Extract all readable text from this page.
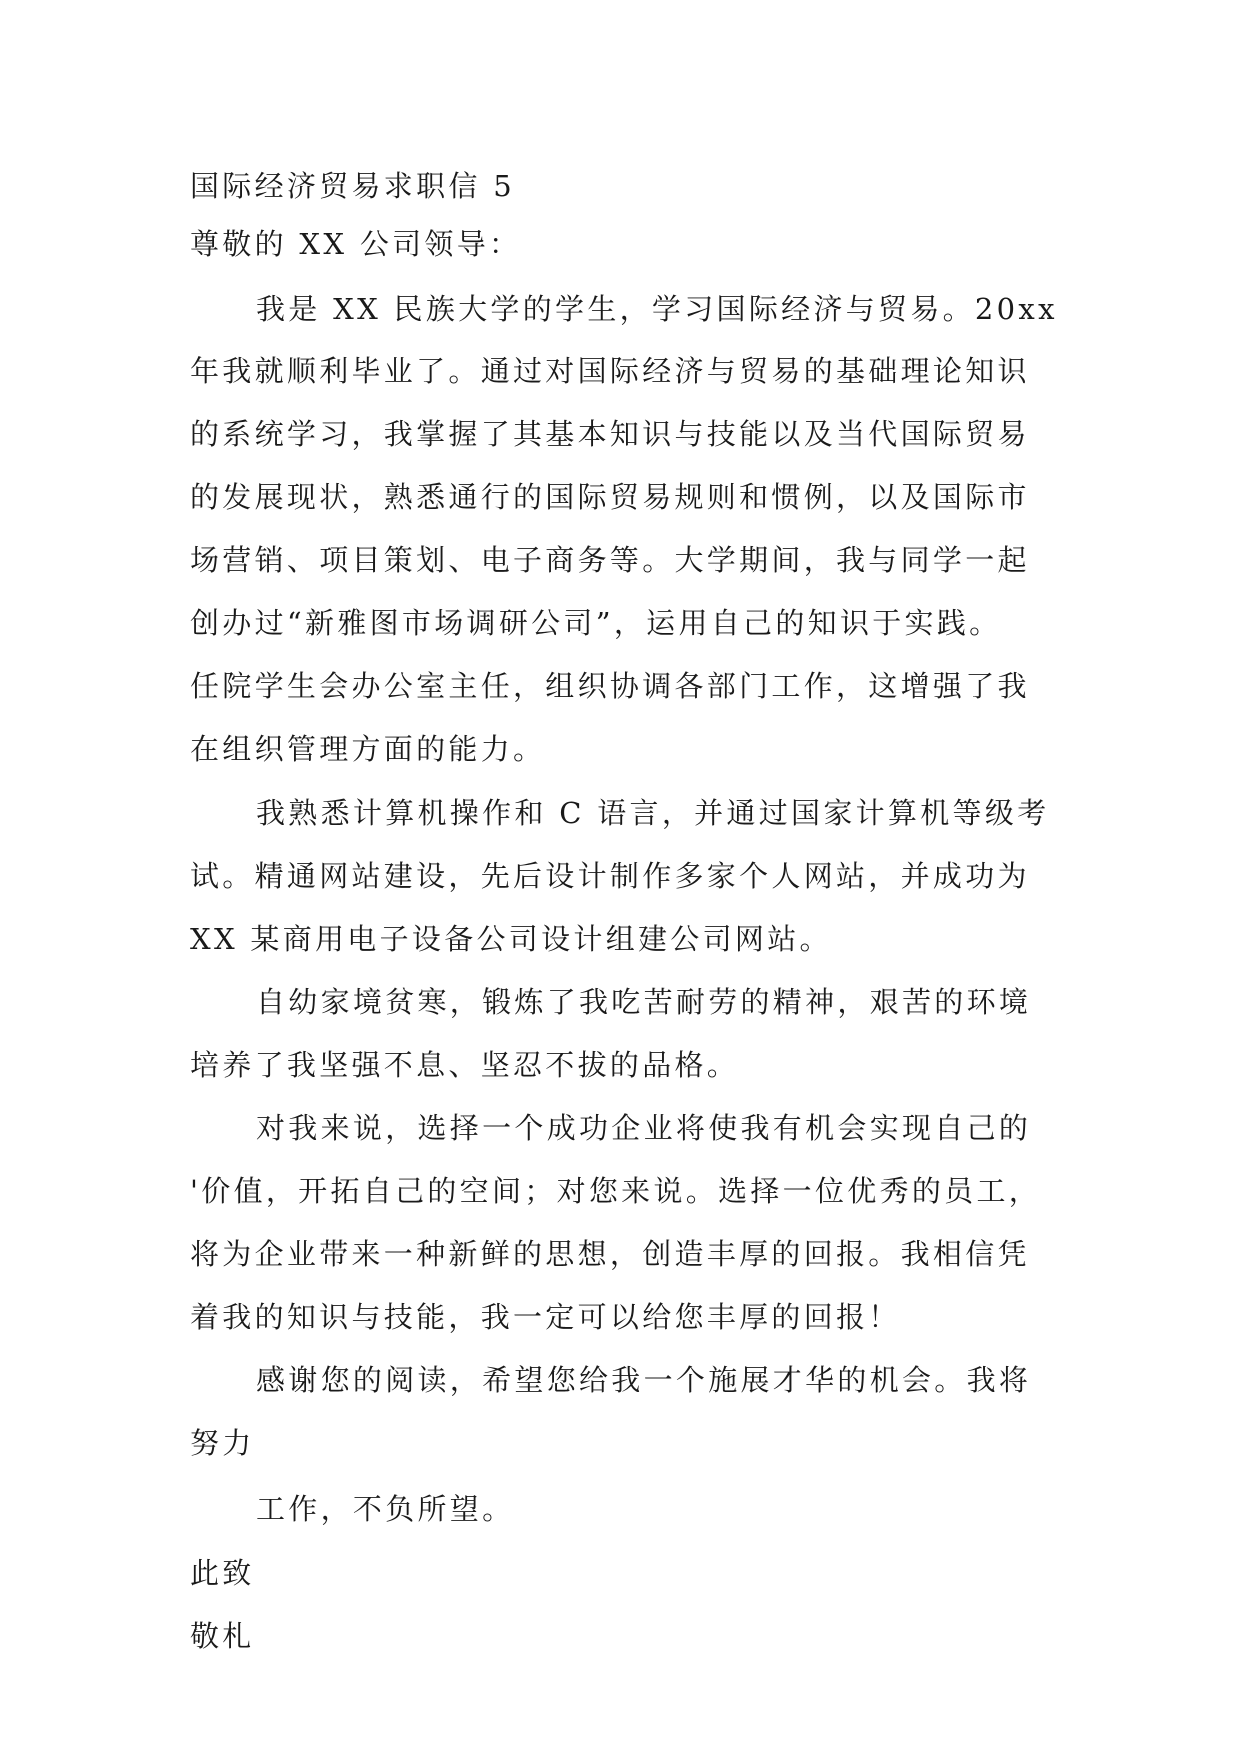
国际经济贸易求职信 5
尊敬的 XX 公司领导：
我是 XX 民族大学的学生，学习国际经济与贸易。20xx
年我就顺利毕业了。通过对国际经济与贸易的基础理论知识
的系统学习，我掌握了其基本知识与技能以及当代国际贸易
的发展现状，熟悉通行的国际贸易规则和惯例，以及国际市
场营销、项目策划、电子商务等。大学期间，我与同学一起
创办过“新雅图市场调研公司”，运用自己的知识于实践。
任院学生会办公室主任，组织协调各部门工作，这增强了我
在组织管理方面的能力。
我熟悉计算机操作和 C 语言，并通过国家计算机等级考
试。精通网站建设，先后设计制作多家个人网站，并成功为
XX 某商用电子设备公司设计组建公司网站。
自幼家境贫寒，锻炼了我吃苦耐劳的精神，艰苦的环境
培养了我坚强不息、坚忍不拔的品格。
对我来说，选择一个成功企业将使我有机会实现自己的
'价值，开拓自己的空间；对您来说。选择一位优秀的员工，
将为企业带来一种新鲜的思想，创造丰厚的回报。我相信凭
着我的知识与技能，我一定可以给您丰厚的回报！
感谢您的阅读，希望您给我一个施展才华的机会。我将
努力
工作，不负所望。
此致
敬札
